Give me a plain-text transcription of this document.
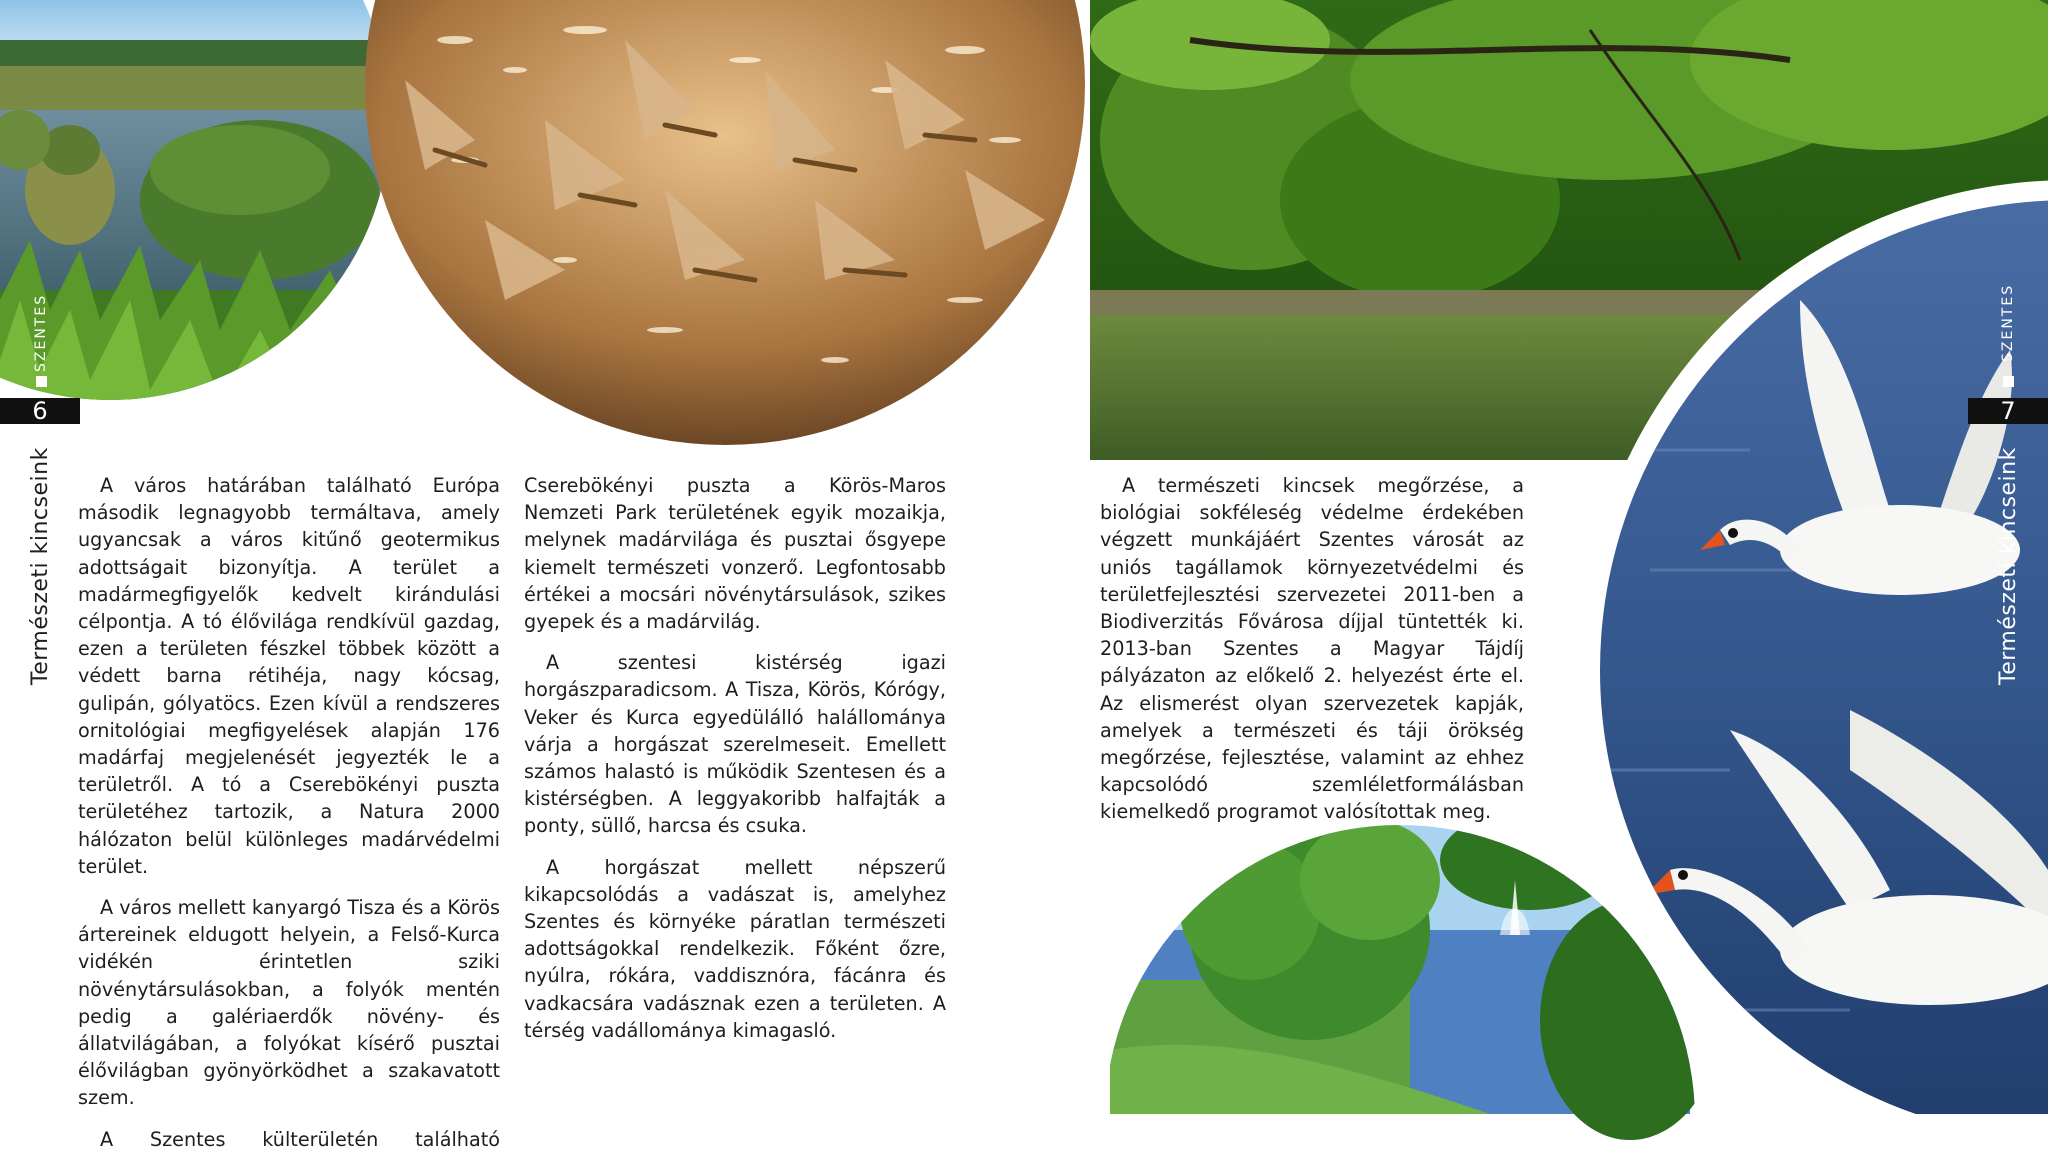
SZENTES
6
Természeti kincseink
SZENTES
7
Természeti kincseink

A város határában található Európa második legnagyobb termáltava, amely ugyancsak a város kitűnő geotermikus adottságait bizonyítja. A terület a madármegfigyelők kedvelt kirándulási célpontja. A tó élővilága rendkívül gazdag, ezen a területen fészkel többek között a védett barna rétihéja, nagy kócsag, gulipán, gólyatöcs. Ezen kívül a rendszeres ornitológiai megfigyelések alapján 176 madárfaj megjelenését jegyezték le a területről. A tó a Cserebökényi puszta területéhez tartozik, a Natura 2000 hálózaton belül különleges madárvédelmi terület.

A város mellett kanyargó Tisza és a Körös ártereinek eldugott helyein, a Felső-Kurca vidékén érintetlen sziki növénytársulásokban, a folyók mentén pedig a galériaerdők növény- és állatvilágában, a folyókat kísérő pusztai élővilágban gyönyörködhet a szakavatott szem.

A Szentes külterületén található

Cserebökényi puszta a Körös-Maros Nemzeti Park területének egyik mozaikja, melynek madárvilága és pusztai ősgyepe kiemelt természeti vonzerő. Legfontosabb értékei a mocsári növénytársulások, szikes gyepek és a madárvilág.

A szentesi kistérség igazi horgászparadicsom. A Tisza, Körös, Kórógy, Veker és Kurca egyedülálló halállománya várja a horgászat szerelmeseit. Emellett számos halastó is működik Szentesen és a kistérségben. A leggyakoribb halfajták a ponty, süllő, harcsa és csuka.

A horgászat mellett népszerű kikapcsolódás a vadászat is, amelyhez Szentes és környéke páratlan természeti adottságokkal rendelkezik. Főként őzre, nyúlra, rókára, vaddisznóra, fácánra és vadkacsára vadásznak ezen a területen. A térség vadállománya kimagasló.

A természeti kincsek megőrzése, a biológiai sokféleség védelme érdekében végzett munkájáért Szentes városát az uniós tagállamok környezetvédelmi és területfejlesztési szervezetei 2011-ben a Biodiverzitás Fővárosa díjjal tüntették ki. 2013-ban Szentes a Magyar Tájdíj pályázaton az előkelő 2. helyezést érte el. Az elismerést olyan szervezetek kapják, amelyek a természeti és táji örökség megőrzése, fejlesztése, valamint az ehhez kapcsolódó szemléletformálásban kiemelkedő programot valósítottak meg.
